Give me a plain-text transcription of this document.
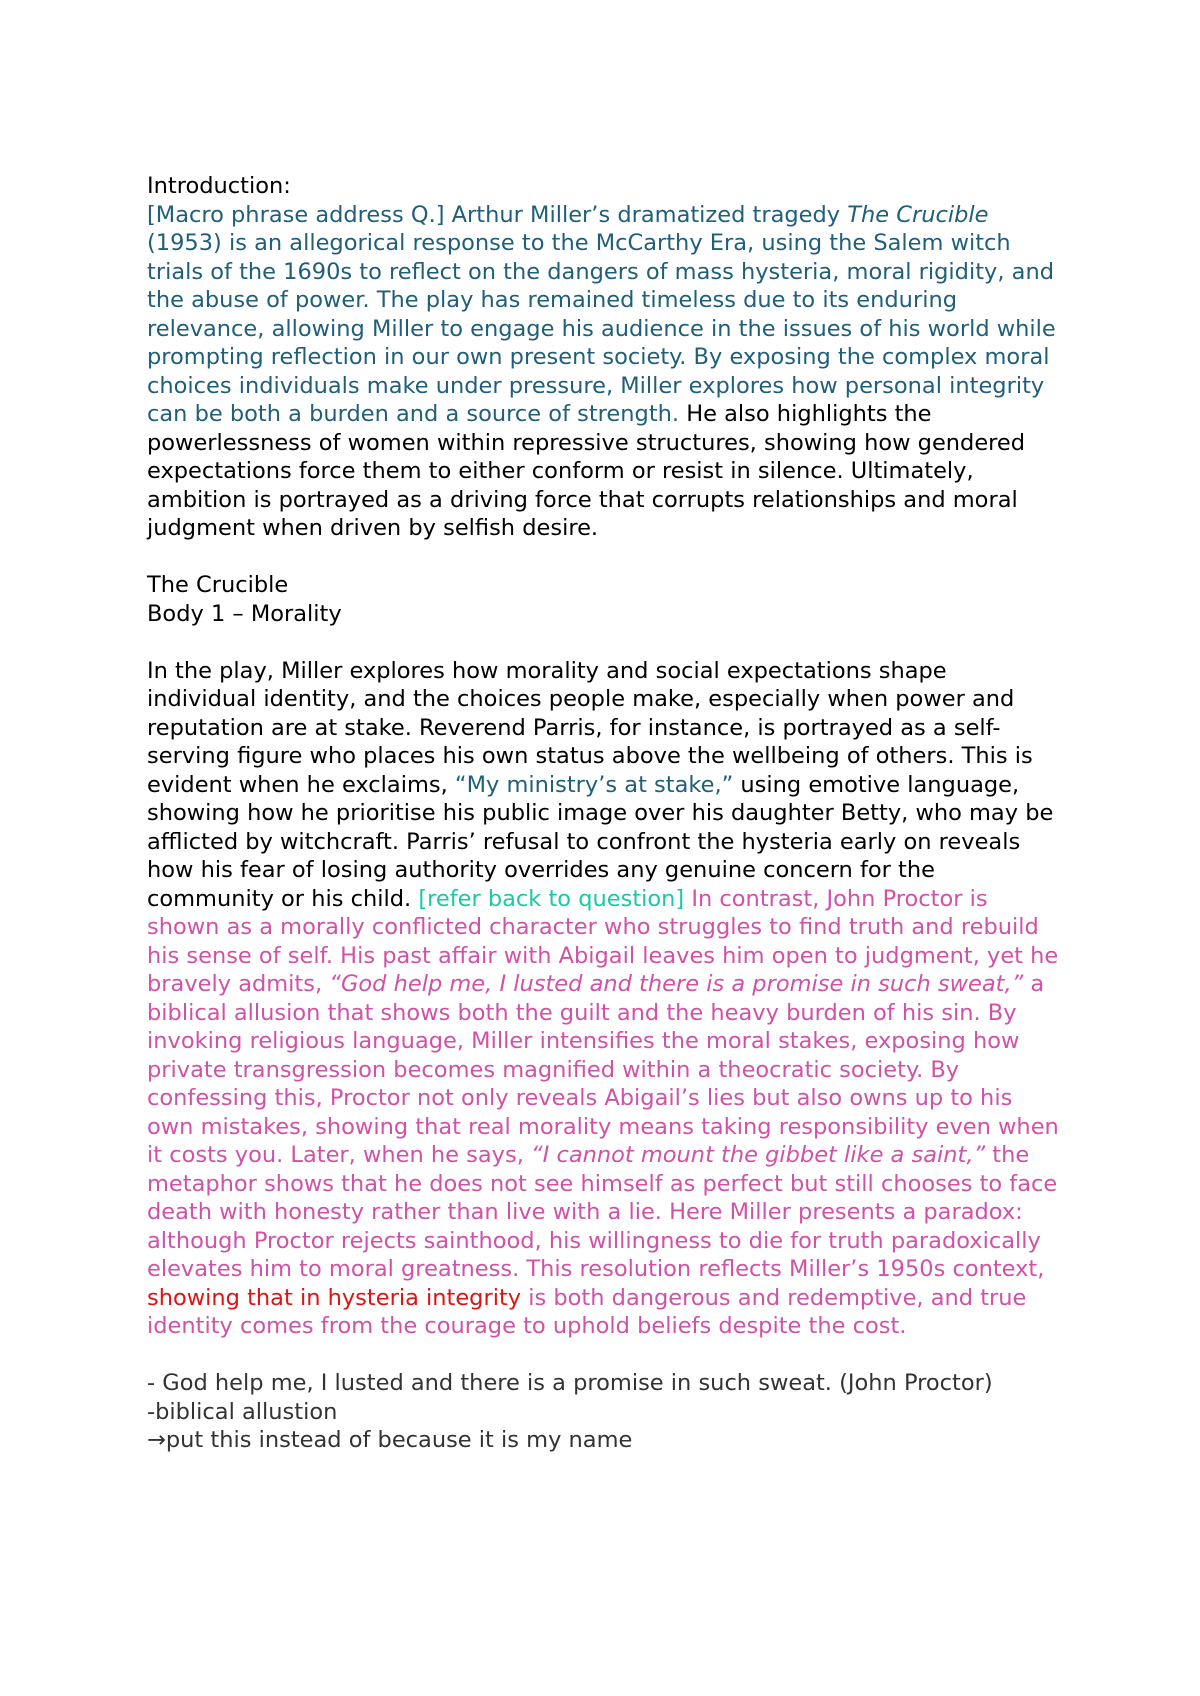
Introduction:

[Macro phrase address Q.] Arthur Miller’s dramatized tragedy The Crucible (1953) is an allegorical response to the McCarthy Era, using the Salem witch trials of the 1690s to reflect on the dangers of mass hysteria, moral rigidity, and the abuse of power. The play has remained timeless due to its enduring relevance, allowing Miller to engage his audience in the issues of his world while prompting reflection in our own present society. By exposing the complex moral choices individuals make under pressure, Miller explores how personal integrity can be both a burden and a source of strength. He also highlights the powerlessness of women within repressive structures, showing how gendered expectations force them to either conform or resist in silence. Ultimately, ambition is portrayed as a driving force that corrupts relationships and moral judgment when driven by selfish desire.

The Crucible

Body 1 – Morality

In the play, Miller explores how morality and social expectations shape individual identity, and the choices people make, especially when power and reputation are at stake. Reverend Parris, for instance, is portrayed as a self-serving figure who places his own status above the wellbeing of others. This is evident when he exclaims, “My ministry’s at stake,” using emotive language, showing how he prioritise his public image over his daughter Betty, who may be afflicted by witchcraft. Parris’ refusal to confront the hysteria early on reveals how his fear of losing authority overrides any genuine concern for the community or his child. [refer back to question] In contrast, John Proctor is shown as a morally conflicted character who struggles to find truth and rebuild his sense of self. His past affair with Abigail leaves him open to judgment, yet he bravely admits, “God help me, I lusted and there is a promise in such sweat,” a biblical allusion that shows both the guilt and the heavy burden of his sin. By invoking religious language, Miller intensifies the moral stakes, exposing how private transgression becomes magnified within a theocratic society. By confessing this, Proctor not only reveals Abigail’s lies but also owns up to his own mistakes, showing that real morality means taking responsibility even when it costs you. Later, when he says, “I cannot mount the gibbet like a saint,” the metaphor shows that he does not see himself as perfect but still chooses to face death with honesty rather than live with a lie. Here Miller presents a paradox: although Proctor rejects sainthood, his willingness to die for truth paradoxically elevates him to moral greatness. This resolution reflects Miller’s 1950s context, showing that in hysteria integrity is both dangerous and redemptive, and true identity comes from the courage to uphold beliefs despite the cost.

- God help me, I lusted and there is a promise in such sweat. (John Proctor)

-biblical allustion

→put this instead of because it is my name
